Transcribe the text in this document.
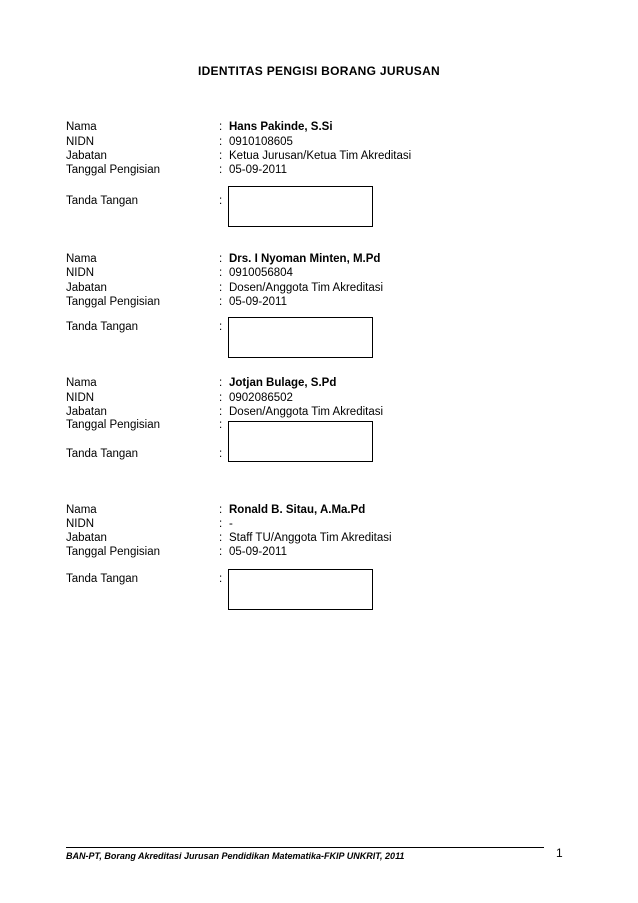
IDENTITAS PENGISI BORANG JURUSAN
Nama	: Hans Pakinde, S.Si
NIDN	: 0910108605
Jabatan	: Ketua Jurusan/Ketua Tim Akreditasi
Tanggal Pengisian	: 05-09-2011
Tanda Tangan	:
Nama	: Drs. I Nyoman Minten, M.Pd
NIDN	: 0910056804
Jabatan	: Dosen/Anggota Tim Akreditasi
Tanggal Pengisian	: 05-09-2011
Tanda Tangan	:
Nama	: Jotjan Bulage, S.Pd
NIDN	: 0902086502
Jabatan	: Dosen/Anggota Tim Akreditasi
Tanggal Pengisian	:
Tanda Tangan	:
Nama	: Ronald B. Sitau, A.Ma.Pd
NIDN	: -
Jabatan	: Staff TU/Anggota Tim Akreditasi
Tanggal Pengisian	: 05-09-2011
Tanda Tangan	:
BAN-PT, Borang Akreditasi Jurusan Pendidikan Matematika-FKIP UNKRIT, 2011	1
